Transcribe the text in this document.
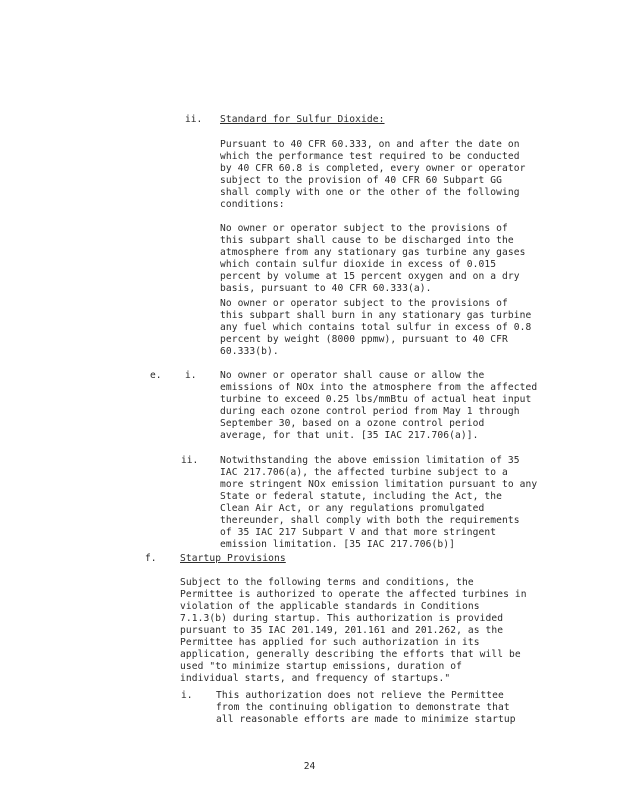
ii. Standard for Sulfur Dioxide:
Pursuant to 40 CFR 60.333, on and after the date on
which the performance test required to be conducted
by 40 CFR 60.8 is completed, every owner or operator
subject to the provision of 40 CFR 60 Subpart GG
shall comply with one or the other of the following
conditions:
No owner or operator subject to the provisions of
this subpart shall cause to be discharged into the
atmosphere from any stationary gas turbine any gases
which contain sulfur dioxide in excess of 0.015
percent by volume at 15 percent oxygen and on a dry
basis, pursuant to 40 CFR 60.333(a).
No owner or operator subject to the provisions of
this subpart shall burn in any stationary gas turbine
any fuel which contains total sulfur in excess of 0.8
percent by weight (8000 ppmw), pursuant to 40 CFR
60.333(b).
e. i. No owner or operator shall cause or allow the
emissions of NOx into the atmosphere from the affected
turbine to exceed 0.25 lbs/mmBtu of actual heat input
during each ozone control period from May 1 through
September 30, based on a ozone control period
average, for that unit. [35 IAC 217.706(a)].
ii. Notwithstanding the above emission limitation of 35
IAC 217.706(a), the affected turbine subject to a
more stringent NOx emission limitation pursuant to any
State or federal statute, including the Act, the
Clean Air Act, or any regulations promulgated
thereunder, shall comply with both the requirements
of 35 IAC 217 Subpart V and that more stringent
emission limitation. [35 IAC 217.706(b)]
f. Startup Provisions
Subject to the following terms and conditions, the
Permittee is authorized to operate the affected turbines in
violation of the applicable standards in Conditions
7.1.3(b) during startup. This authorization is provided
pursuant to 35 IAC 201.149, 201.161 and 201.262, as the
Permittee has applied for such authorization in its
application, generally describing the efforts that will be
used "to minimize startup emissions, duration of
individual starts, and frequency of startups."
i. This authorization does not relieve the Permittee
from the continuing obligation to demonstrate that
all reasonable efforts are made to minimize startup
24
